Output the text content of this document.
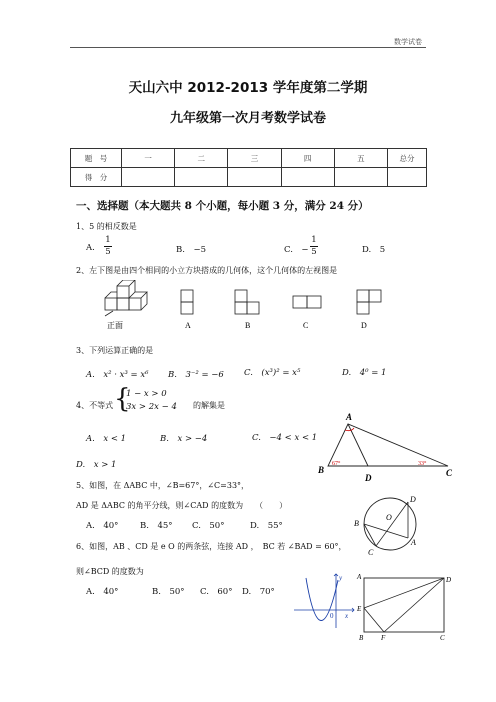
数学试卷
天山六中 2012-2013 学年度第二学期
九年级第一次月考数学试卷
题　号	一	二	三	四	五	总分
得　分						
一、选择题（本大题共 8 个小题，每小题 3 分，满分 24 分）
1、5 的相反数是
A.
1
5	B.　−5	C.　−
1
5	D.　5
2、左下图是由四个相同的小立方块搭成的几何体，这个几何体的左视图是
正面	A	B	C	D
3、下列运算正确的是
A.　x² · x³ = x⁶ B.　3⁻² = −6 C.　(x³)² = x⁵	D.　4⁰ = 1
4、不等式 {
1 − x > 0
3x > 2x − 4 的解集是
A.　x < 1	B.　x > −4	C.　−4 < x < 1
D.　x > 1
A
B	C
D
67°	33°
5、如图，在 ΔABC 中，∠B=67°，∠C=33°，
AD 是 ΔABC 的角平分线，则∠CAD 的度数为　　（　　）
A.　40°	B.　45° C.　50°	D.　55°	B
C
D
A
O
6、如图，AB 、CD 是 e O 的两条弦，连接 AD ，　BC 若 ∠BAD = 60°，
则∠BCD 的度数为
A.　40°	B.　50° C.　60° D.　70°
x
y
0
A	D
E
B	F	C
